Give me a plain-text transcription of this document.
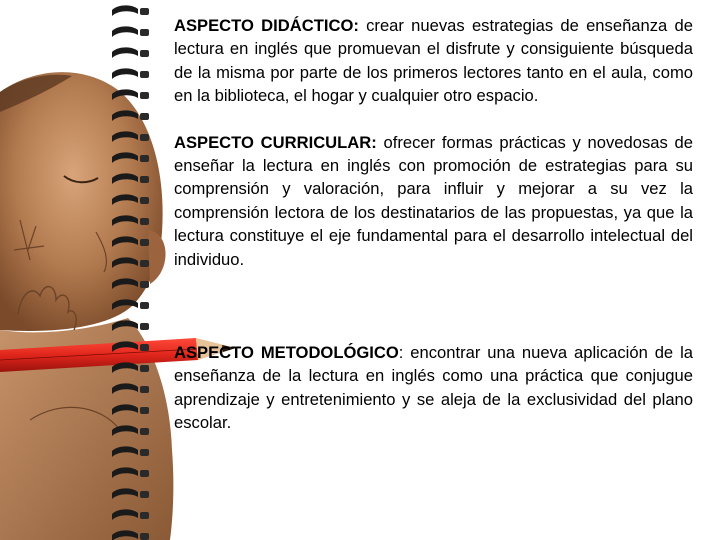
ASPECTO DIDÁCTICO: crear nuevas estrategias de enseñanza de lectura en inglés que promuevan el disfrute y consiguiente búsqueda de la misma por parte de los primeros lectores tanto en el aula, como en la biblioteca, el hogar y cualquier otro espacio.

ASPECTO CURRICULAR: ofrecer formas prácticas y novedosas de enseñar la lectura en inglés con promoción de estrategias para su comprensión y valoración, para influir y mejorar a su vez la comprensión lectora de los destinatarios de las propuestas, ya que la lectura constituye el eje fundamental para el desarrollo intelectual del individuo.

ASPECTO METODOLÓGICO: encontrar una nueva aplicación de la enseñanza de la lectura en inglés como una práctica que conjugue aprendizaje y entretenimiento y se aleja de la exclusividad del plano escolar.
